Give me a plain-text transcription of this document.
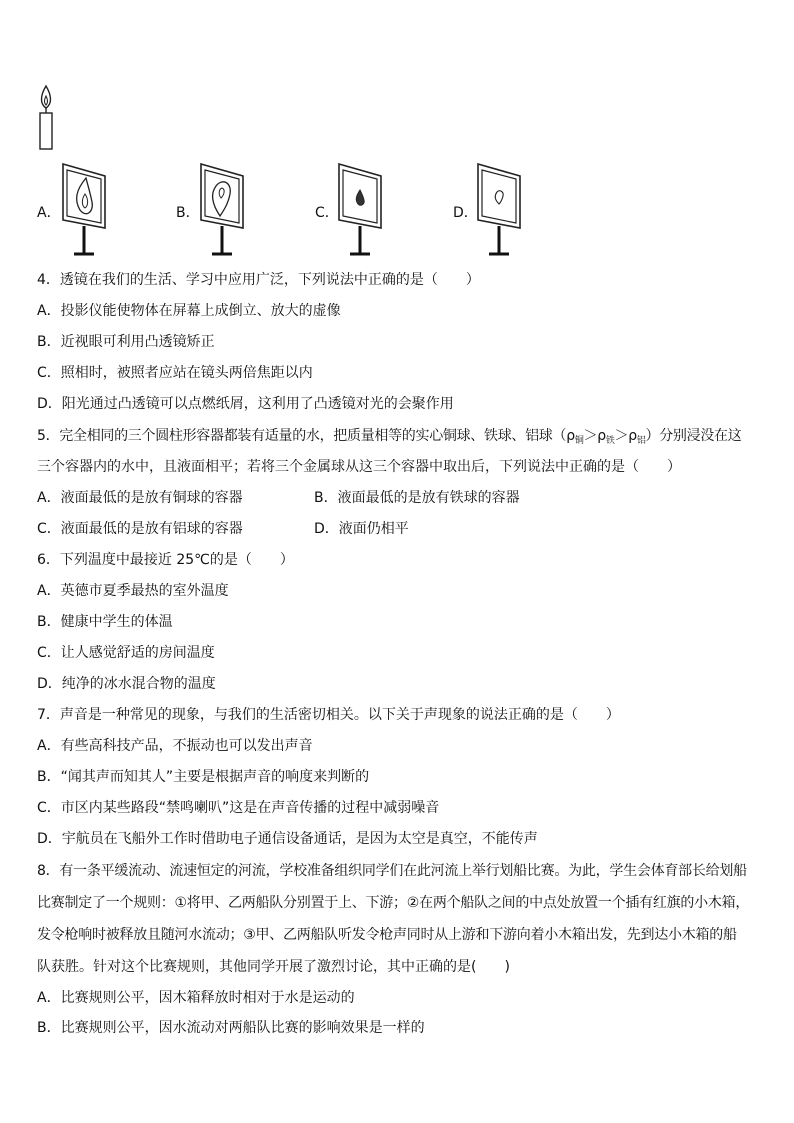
A．	B．	C．	D．
4．透镜在我们的生活、学习中应用广泛，下列说法中正确的是（　　）
A．投影仪能使物体在屏幕上成倒立、放大的虚像
B．近视眼可利用凸透镜矫正
C．照相时，被照者应站在镜头两倍焦距以内
D．阳光通过凸透镜可以点燃纸屑，这利用了凸透镜对光的会聚作用
5．完全相同的三个圆柱形容器都装有适量的水，把质量相等的实心铜球、铁球、铝球$(\rho_铜>\rho_铁>\rho_铝)$分别浸没在这
三个容器内的水中，且液面相平；若将三个金属球从这三个容器中取出后，下列说法中正确的是（　　）
A．液面最低的是放有铜球的容器	B．液面最低的是放有铁球的容器
C．液面最低的是放有铝球的容器	D．液面仍相平
6．下列温度中最接近 25℃的是（　　）
A．英德市夏季最热的室外温度
B．健康中学生的体温
C．让人感觉舒适的房间温度
D．纯净的冰水混合物的温度
7．声音是一种常见的现象，与我们的生活密切相关。以下关于声现象的说法正确的是（　　）
A．有些高科技产品，不振动也可以发出声音
B．“闻其声而知其人”主要是根据声音的响度来判断的
C．市区内某些路段“禁鸣喇叭”这是在声音传播的过程中减弱噪音
D．宇航员在飞船外工作时借助电子通信设备通话，是因为太空是真空，不能传声
8．有一条平缓流动、流速恒定的河流，学校准备组织同学们在此河流上举行划船比赛。为此，学生会体育部长给划船
比赛制定了一个规则：①将甲、乙两船队分别置于上、下游；②在两个船队之间的中点处放置一个插有红旗的小木箱，
发令枪响时被释放且随河水流动；③甲、乙两船队听发令枪声同时从上游和下游向着小木箱出发，先到达小木箱的船
队获胜。针对这个比赛规则，其他同学开展了激烈讨论，其中正确的是(　　)
A．比赛规则公平，因木箱释放时相对于水是运动的
B．比赛规则公平，因水流动对两船队比赛的影响效果是一样的
